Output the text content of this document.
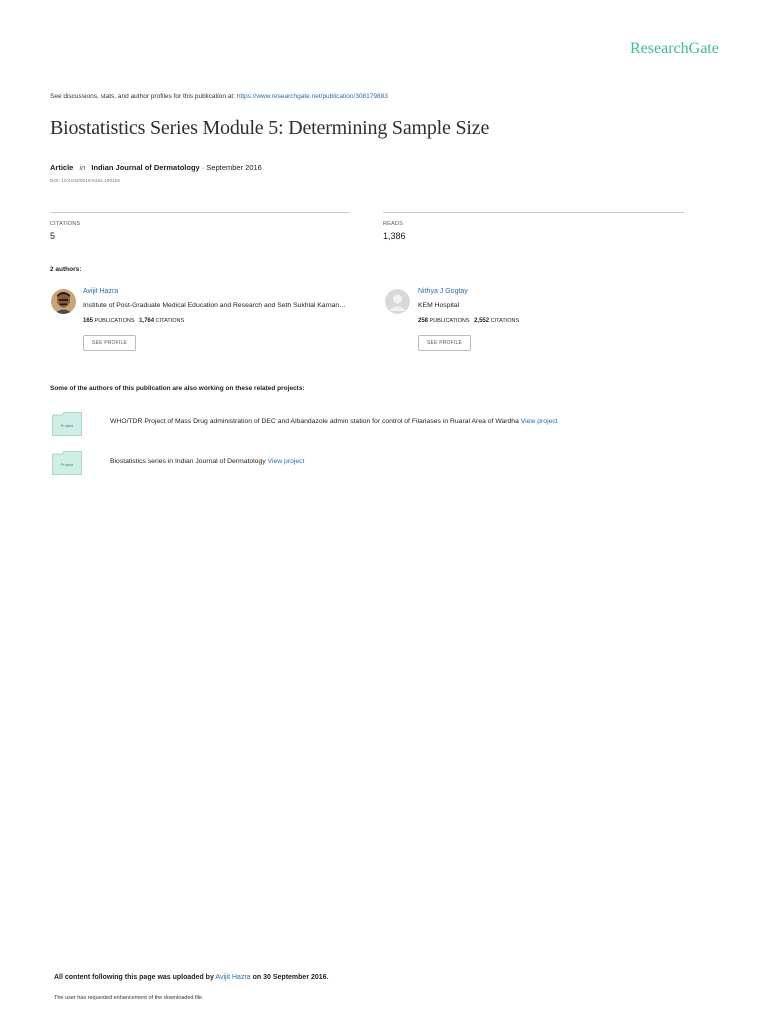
ResearchGate
See discussions, stats, and author profiles for this publication at: https://www.researchgate.net/publication/308179883
Biostatistics Series Module 5: Determining Sample Size
Article in Indian Journal of Dermatology · September 2016
DOI: 10.4103/0019-5154.190119
CITATIONS
5
READS
1,386
2 authors:
Avijit Hazra
Institute of Post-Graduate Medical Education and Research and Seth Sukhlal Karnan…
165 PUBLICATIONS 1,764 CITATIONS
SEE PROFILE
Nithya J Gogtay
KEM Hospital
258 PUBLICATIONS 2,552 CITATIONS
SEE PROFILE
Some of the authors of this publication are also working on these related projects:
Project
WHO/TDR Project of Mass Drug administration of DEC and Albandazole admin station for control of Filariases in Ruaral Area of Wardha View project
Project	Biostatistics series in Indian Journal of Dermatology View project
All content following this page was uploaded by Avijit Hazra on 30 September 2016.
The user has requested enhancement of the downloaded file.
